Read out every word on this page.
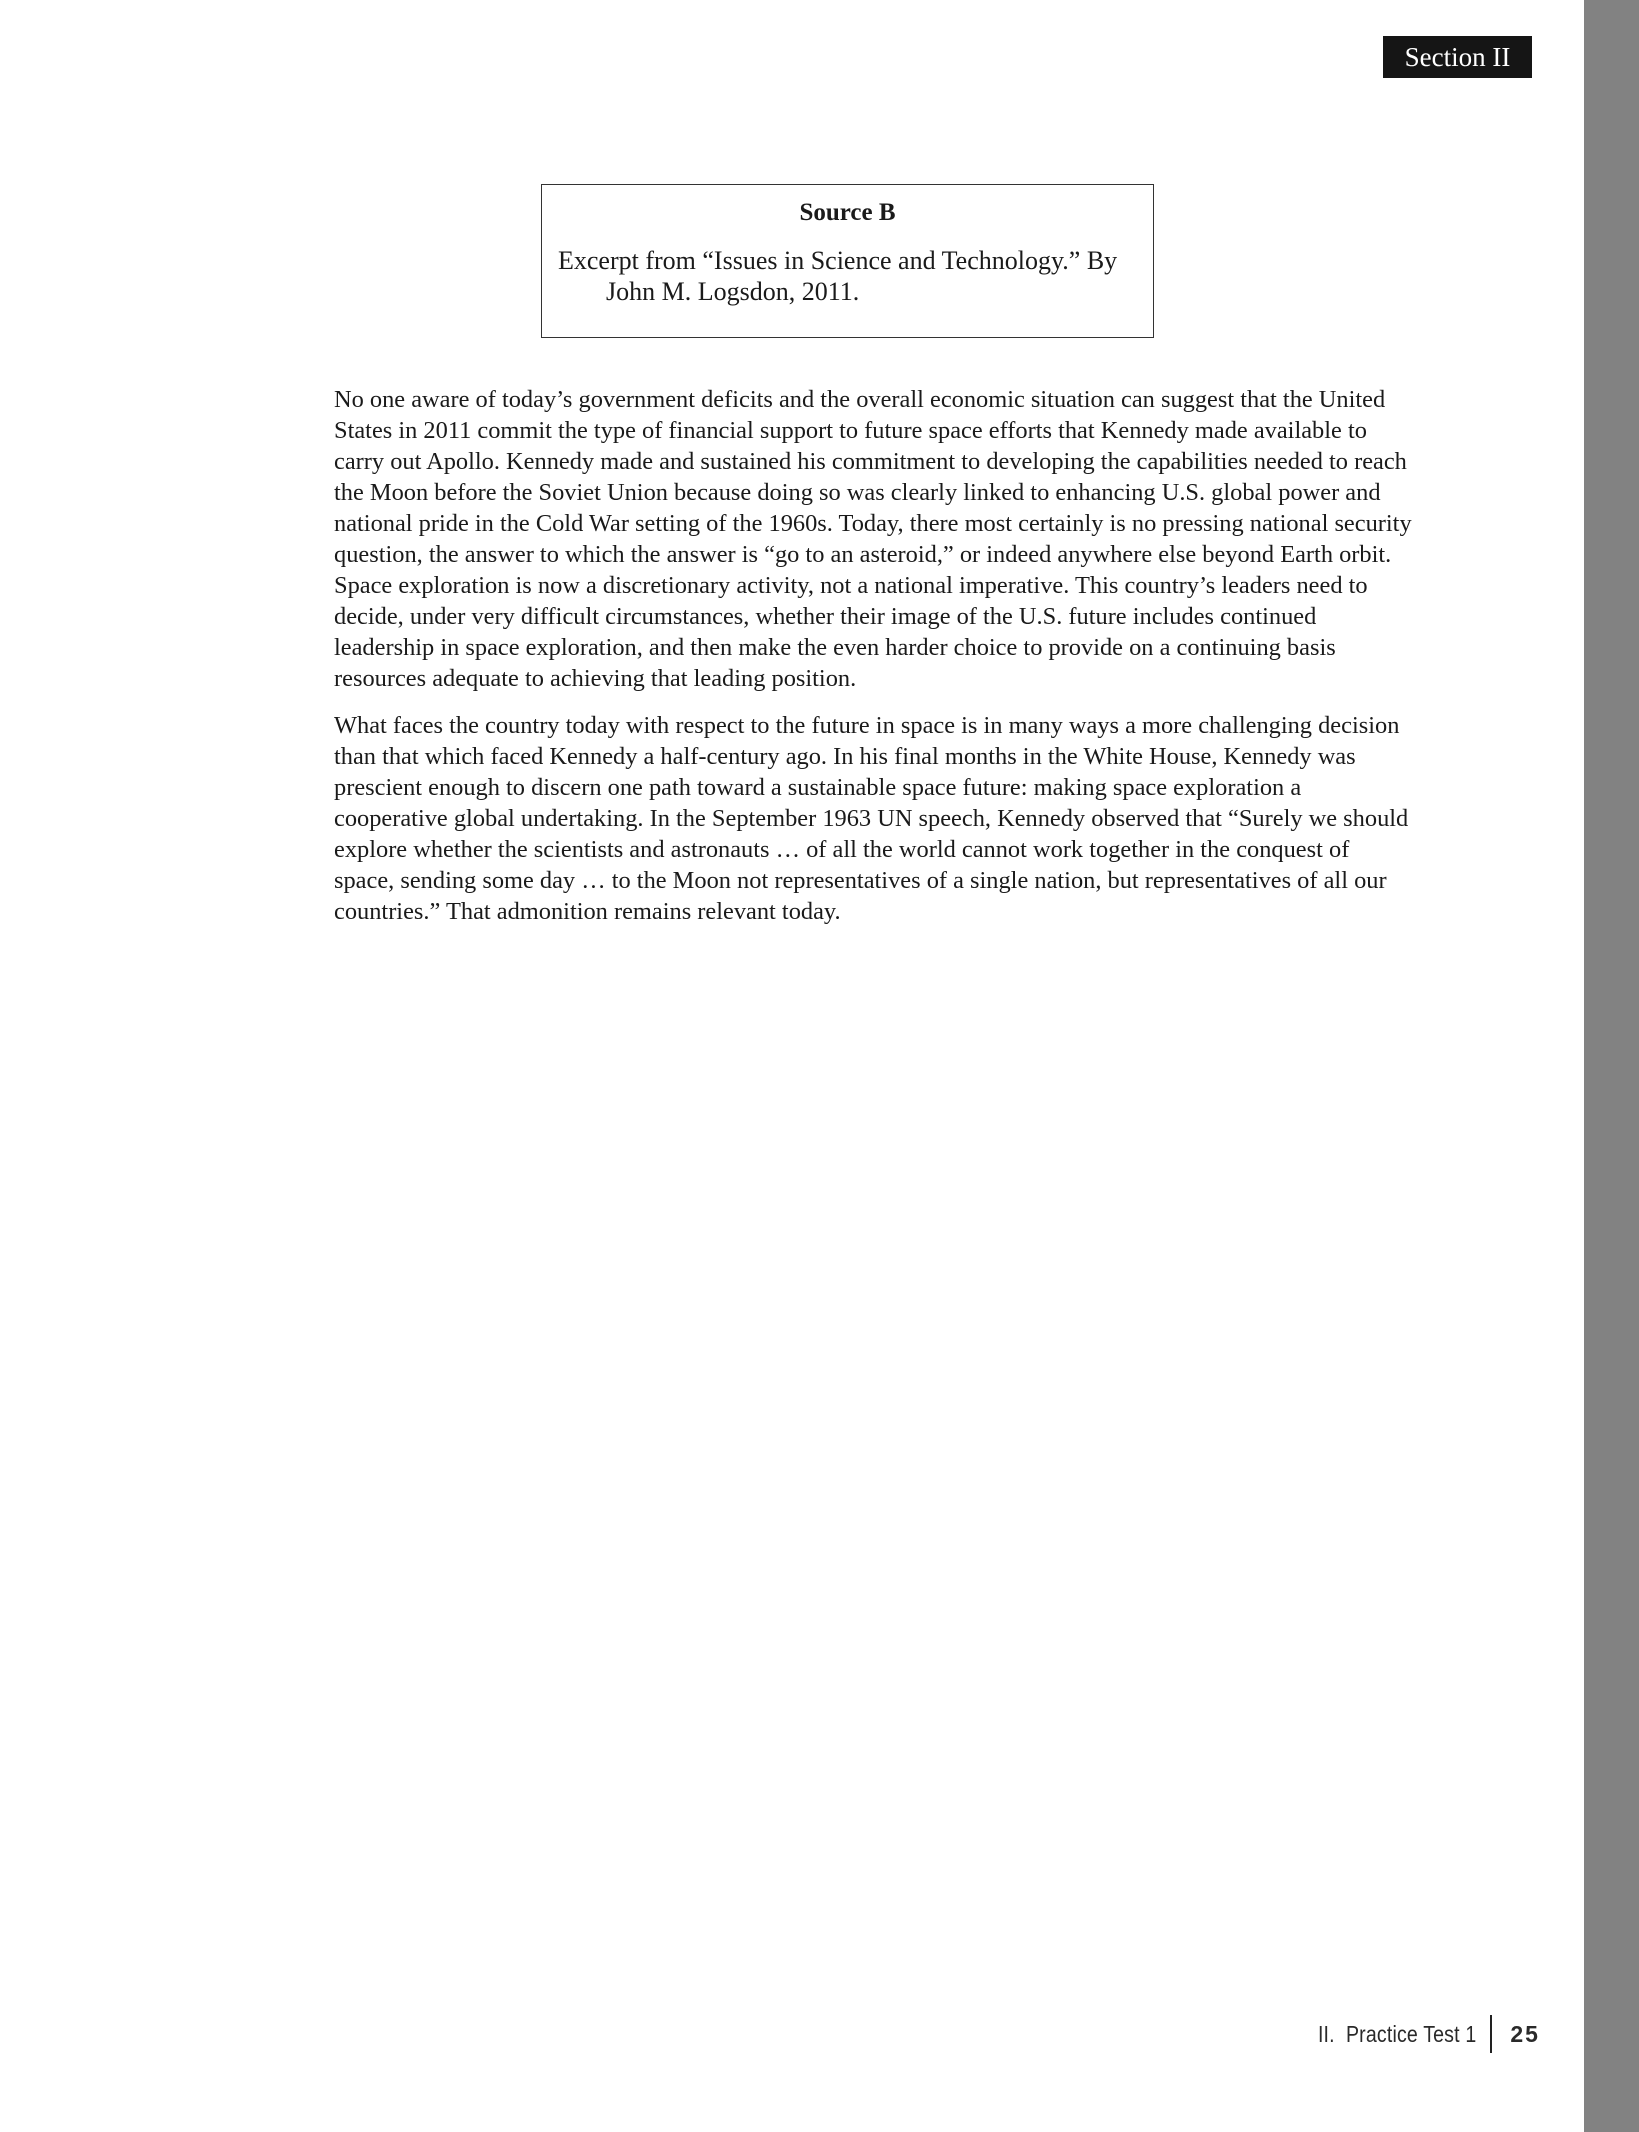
Section II
Source B
Excerpt from “Issues in Science and Technology.” By John M. Logsdon, 2011.

No one aware of today’s government deficits and the overall economic situation can suggest that the United States in 2011 commit the type of financial support to future space efforts that Kennedy made available to carry out Apollo. Kennedy made and sustained his commitment to developing the capabilities needed to reach the Moon before the Soviet Union because doing so was clearly linked to enhancing U.S. global power and national pride in the Cold War setting of the 1960s. Today, there most certainly is no pressing national security question, the answer to which the answer is “go to an asteroid,” or indeed anywhere else beyond Earth orbit. Space exploration is now a discretionary activity, not a national imperative. This country’s leaders need to decide, under very difficult circumstances, whether their image of the U.S. future includes continued leadership in space exploration, and then make the even harder choice to provide on a continuing basis resources adequate to achieving that leading position.

What faces the country today with respect to the future in space is in many ways a more challenging decision than that which faced Kennedy a half-century ago. In his final months in the White House, Kennedy was prescient enough to discern one path toward a sustainable space future: making space exploration a cooperative global undertaking. In the September 1963 UN speech, Kennedy observed that “Surely we should explore whether the scientists and astronauts … of all the world cannot work together in the conquest of space, sending some day … to the Moon not representatives of a single nation, but representatives of all our countries.” That admonition remains relevant today.

II.  Practice Test 1 25
